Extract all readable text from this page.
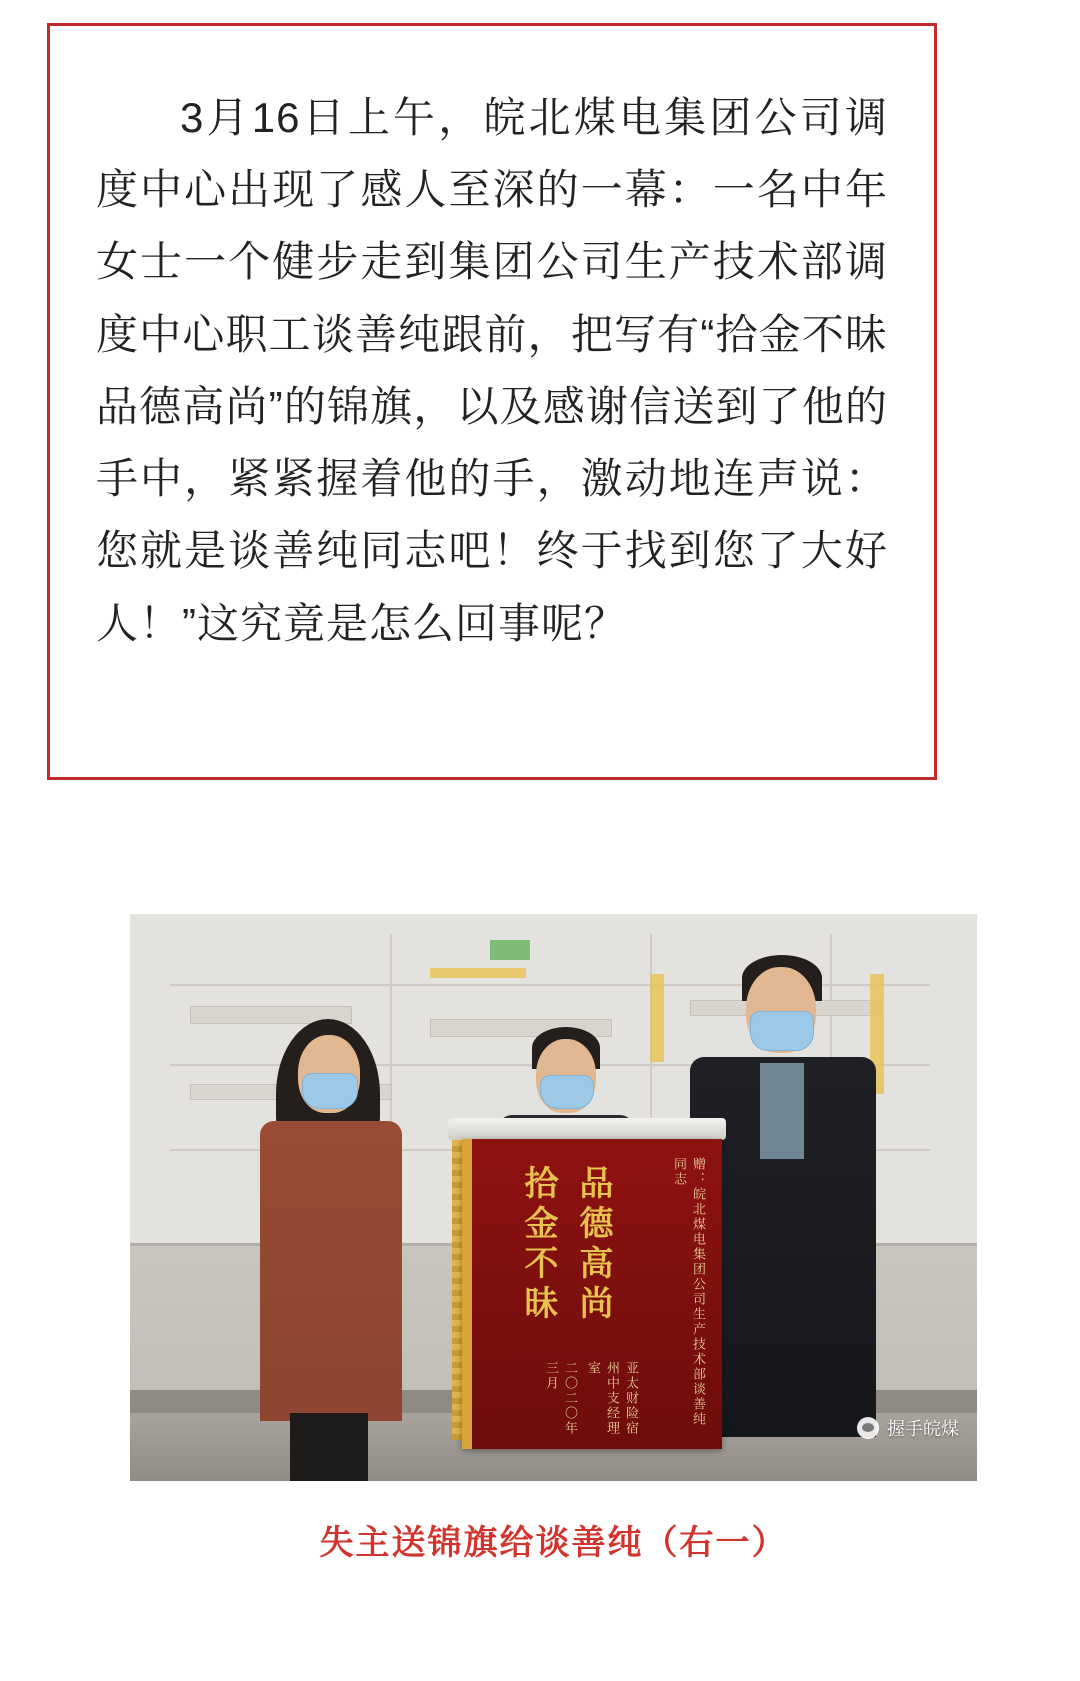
3月16日上午，皖北煤电集团公司调度中心出现了感人至深的一幕：一名中年女士一个健步走到集团公司生产技术部调度中心职工谈善纯跟前，把写有“拾金不昧品德高尚”的锦旗，以及感谢信送到了他的手中，紧紧握着他的手，激动地连声说：您就是谈善纯同志吧！终于找到您了大好人！”这究竟是怎么回事呢？

拾金不昧 品德高尚	赠：皖北煤电集团公司生产技术部谈善纯同志
二〇二〇年三月	亚太财险宿州中支经理室
握手皖煤
失主送锦旗给谈善纯（右一）
